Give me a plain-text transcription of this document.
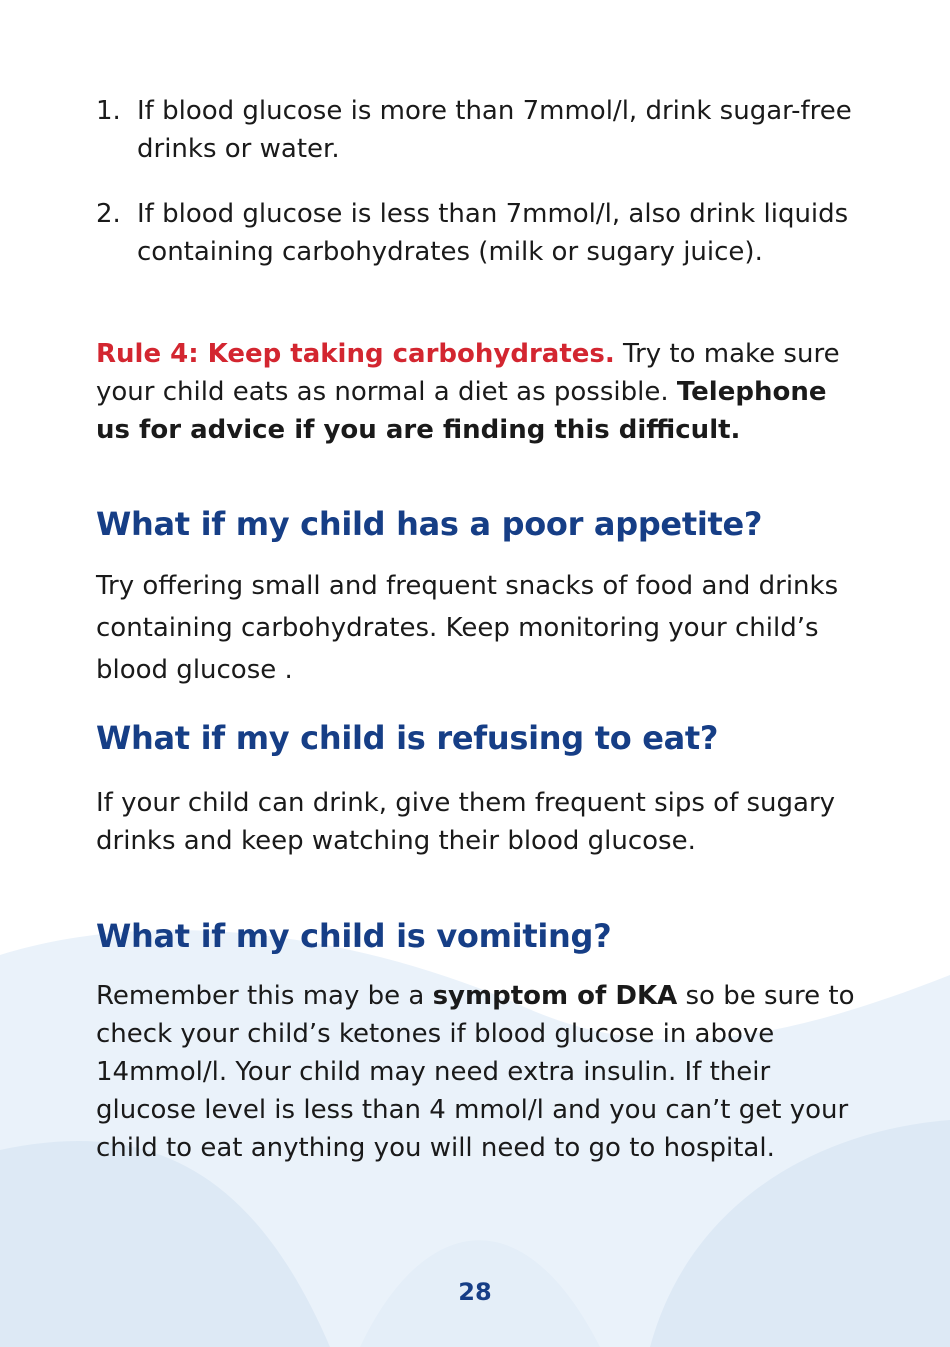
1. If blood glucose is more than 7mmol/l, drink sugar-free drinks or water.
2. If blood glucose is less than 7mmol/l, also drink liquids containing carbohydrates (milk or sugary juice).

Rule 4: Keep taking carbohydrates. Try to make sure your child eats as normal a diet as possible. Telephone us for advice if you are finding this difficult.

What if my child has a poor appetite?

Try offering small and frequent snacks of food and drinks containing carbohydrates. Keep monitoring your child’s blood glucose .

What if my child is refusing to eat?

If your child can drink, give them frequent sips of sugary drinks and keep watching their blood glucose.

What if my child is vomiting?

Remember this may be a symptom of DKA so be sure to check your child’s ketones if blood glucose in above 14mmol/l. Your child may need extra insulin. If their glucose level is less than 4 mmol/l and you can’t get your child to eat anything you will need to go to hospital.

28
